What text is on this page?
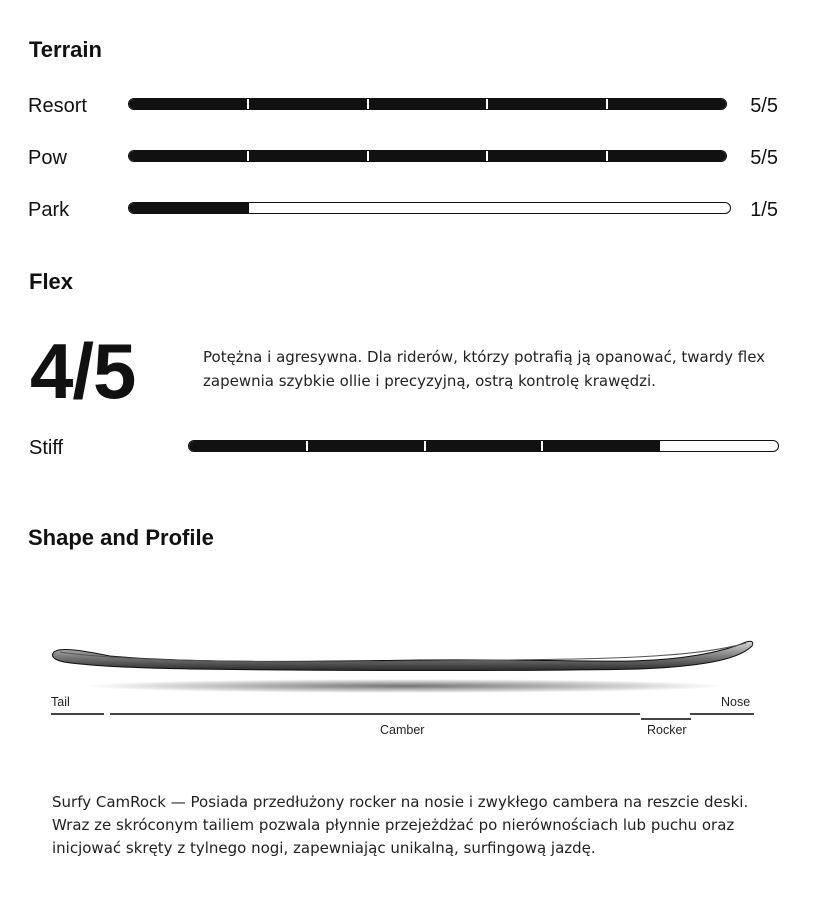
Terrain
Resort	5/5
Pow	5/5
Park	1/5
Flex
4/5	Potężna i agresywna. Dla riderów, którzy potrafią ją opanować, twardy flex zapewnia szybkie ollie i precyzyjną, ostrą kontrolę krawędzi.

Stiff
Shape and Profile
Tail
Camber	Rocker
Nose

Surfy CamRock — Posiada przedłużony rocker na nosie i zwykłego cambera na reszcie deski. Wraz ze skróconym tailiem pozwala płynnie przejeżdżać po nierównościach lub puchu oraz inicjować skręty z tylnego nogi, zapewniając unikalną, surfingową jazdę.
